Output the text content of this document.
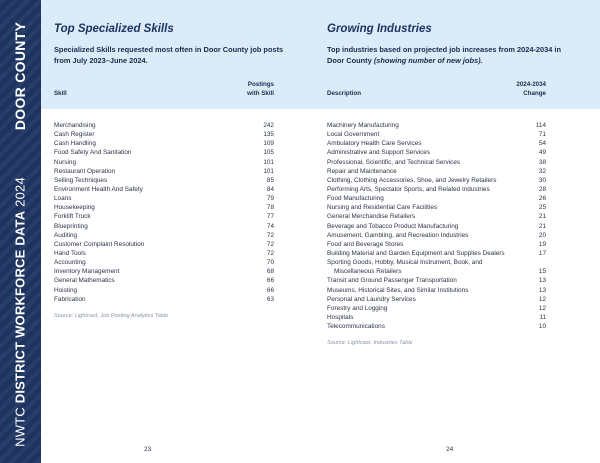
DOOR COUNTY
NWTC DISTRICT WORKFORCE DATA 2024
Top Specialized Skills
Specialized Skills requested most often in Door County job posts from July 2023–June 2024.
Skill
Postings
with Skill
Merchandising	242
Cash Register	135
Cash Handling	109
Food Safety And Sanitation	105
Nursing	101
Restaurant Operation	101
Selling Techniques	85
Environment Health And Safety	84
Loans	79
Housekeeping	78
Forklift Truck	77
Blueprinting	74
Auditing	72
Customer Complaint Resolution	72
Hand Tools	72
Accounting	70
Inventory Management	68
General Mathematics	66
Hoisting	66
Fabrication	63
Source: Lightcast, Job Posting Analytics Table
Growing Industries
Top industries based on projected job increases from 2024-2034 in Door County (showing number of new jobs).
Description
2024-2034
Change
Machinery Manufacturing	114
Local Government	71
Ambulatory Health Care Services	54
Administrative and Support Services	49
Professional, Scientific, and Technical Services	38
Repair and Maintenance	32
Clothing, Clothing Accessories, Shoe, and Jewelry Retailers	30
Performing Arts, Spectator Sports, and Related Industries	28
Food Manufacturing	26
Nursing and Residential Care Facilities	25
General Merchandise Retailers	21
Beverage and Tobacco Product Manufacturing	21
Amusement, Gambling, and Recreation Industries	20
Food and Beverage Stores	19
Building Material and Garden Equipment and Supplies Dealers	17
Sporting Goods, Hobby, Musical Instrument, Book, and
Miscellaneous Retailers	15
Transit and Ground Passenger Transportation	13
Museums, Historical Sites, and Similar Institutions	13
Personal and Laundry Services	12
Forestry and Logging	12
Hospitals	11
Telecommunications	10
Source: Lightcast, Industries Table
23	24
